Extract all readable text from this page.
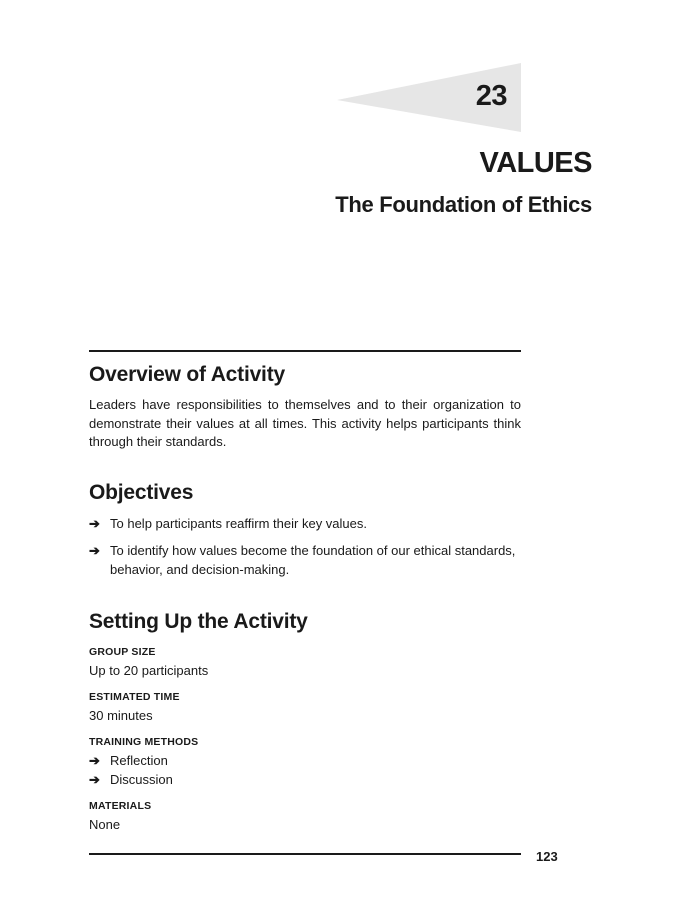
23
VALUES
The Foundation of Ethics
Overview of Activity

Leaders have responsibilities to themselves and to their organization to demonstrate their values at all times. This activity helps participants think through their standards.

Objectives
➔ To help participants reaffirm their key values.
➔ To identify how values become the foundation of our ethical standards, behavior, and decision-making.
Setting Up the Activity
GROUP SIZE
Up to 20 participants
ESTIMATED TIME
30 minutes
TRAINING METHODS
➔ Reflection
➔ Discussion
MATERIALS
None
123
